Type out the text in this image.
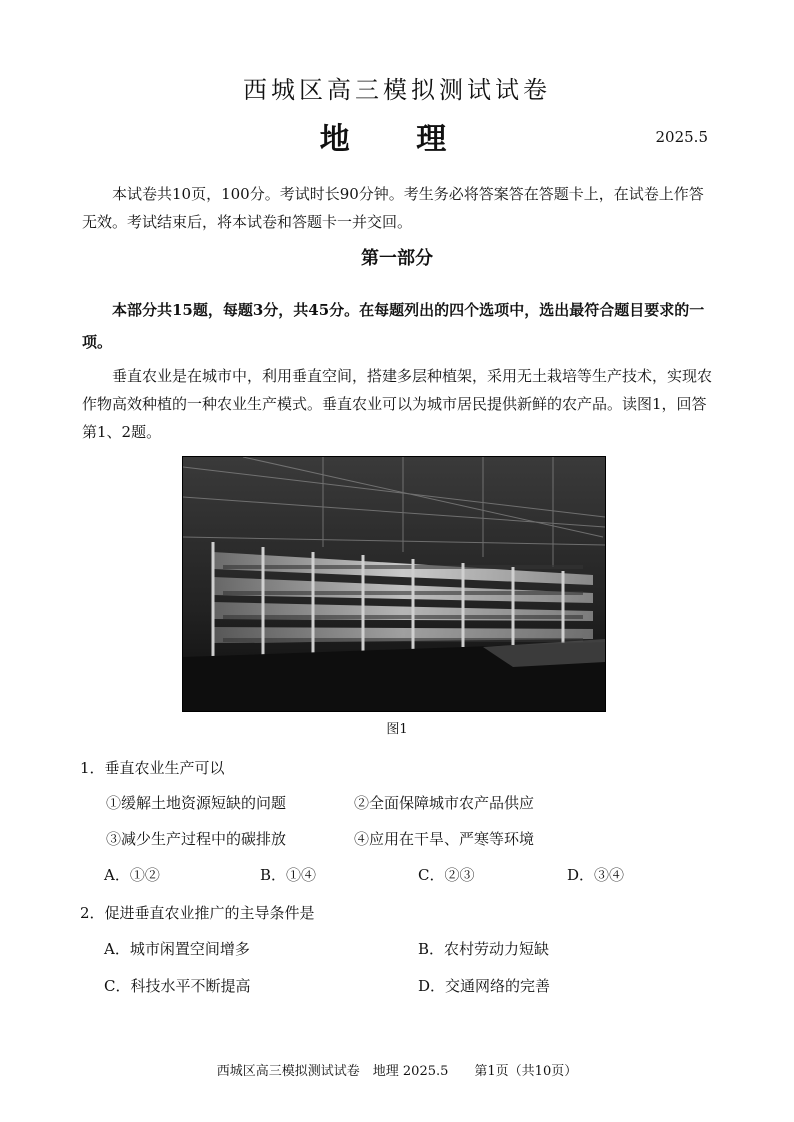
西城区高三模拟测试试卷
地 理	2025.5
本试卷共10页，100分。考试时长90分钟。考生务必将答案答在答题卡上，在试卷上作答无效。考试结束后，将本试卷和答题卡一并交回。
第一部分
本部分共15题，每题3分，共45分。在每题列出的四个选项中，选出最符合题目要求的一项。
垂直农业是在城市中，利用垂直空间，搭建多层种植架，采用无土栽培等生产技术，实现农作物高效种植的一种农业生产模式。垂直农业可以为城市居民提供新鲜的农产品。读图1，回答第1、2题。
图1
1．垂直农业生产可以
①缓解土地资源短缺的问题	②全面保障城市农产品供应
③减少生产过程中的碳排放	④应用在干旱、严寒等环境
A．①②	B．①④	C．②③	D．③④
2．促进垂直农业推广的主导条件是
A．城市闲置空间增多	B．农村劳动力短缺
C．科技水平不断提高	D．交通网络的完善
西城区高三模拟测试试卷　地理 2025.5　　第1页（共10页）
